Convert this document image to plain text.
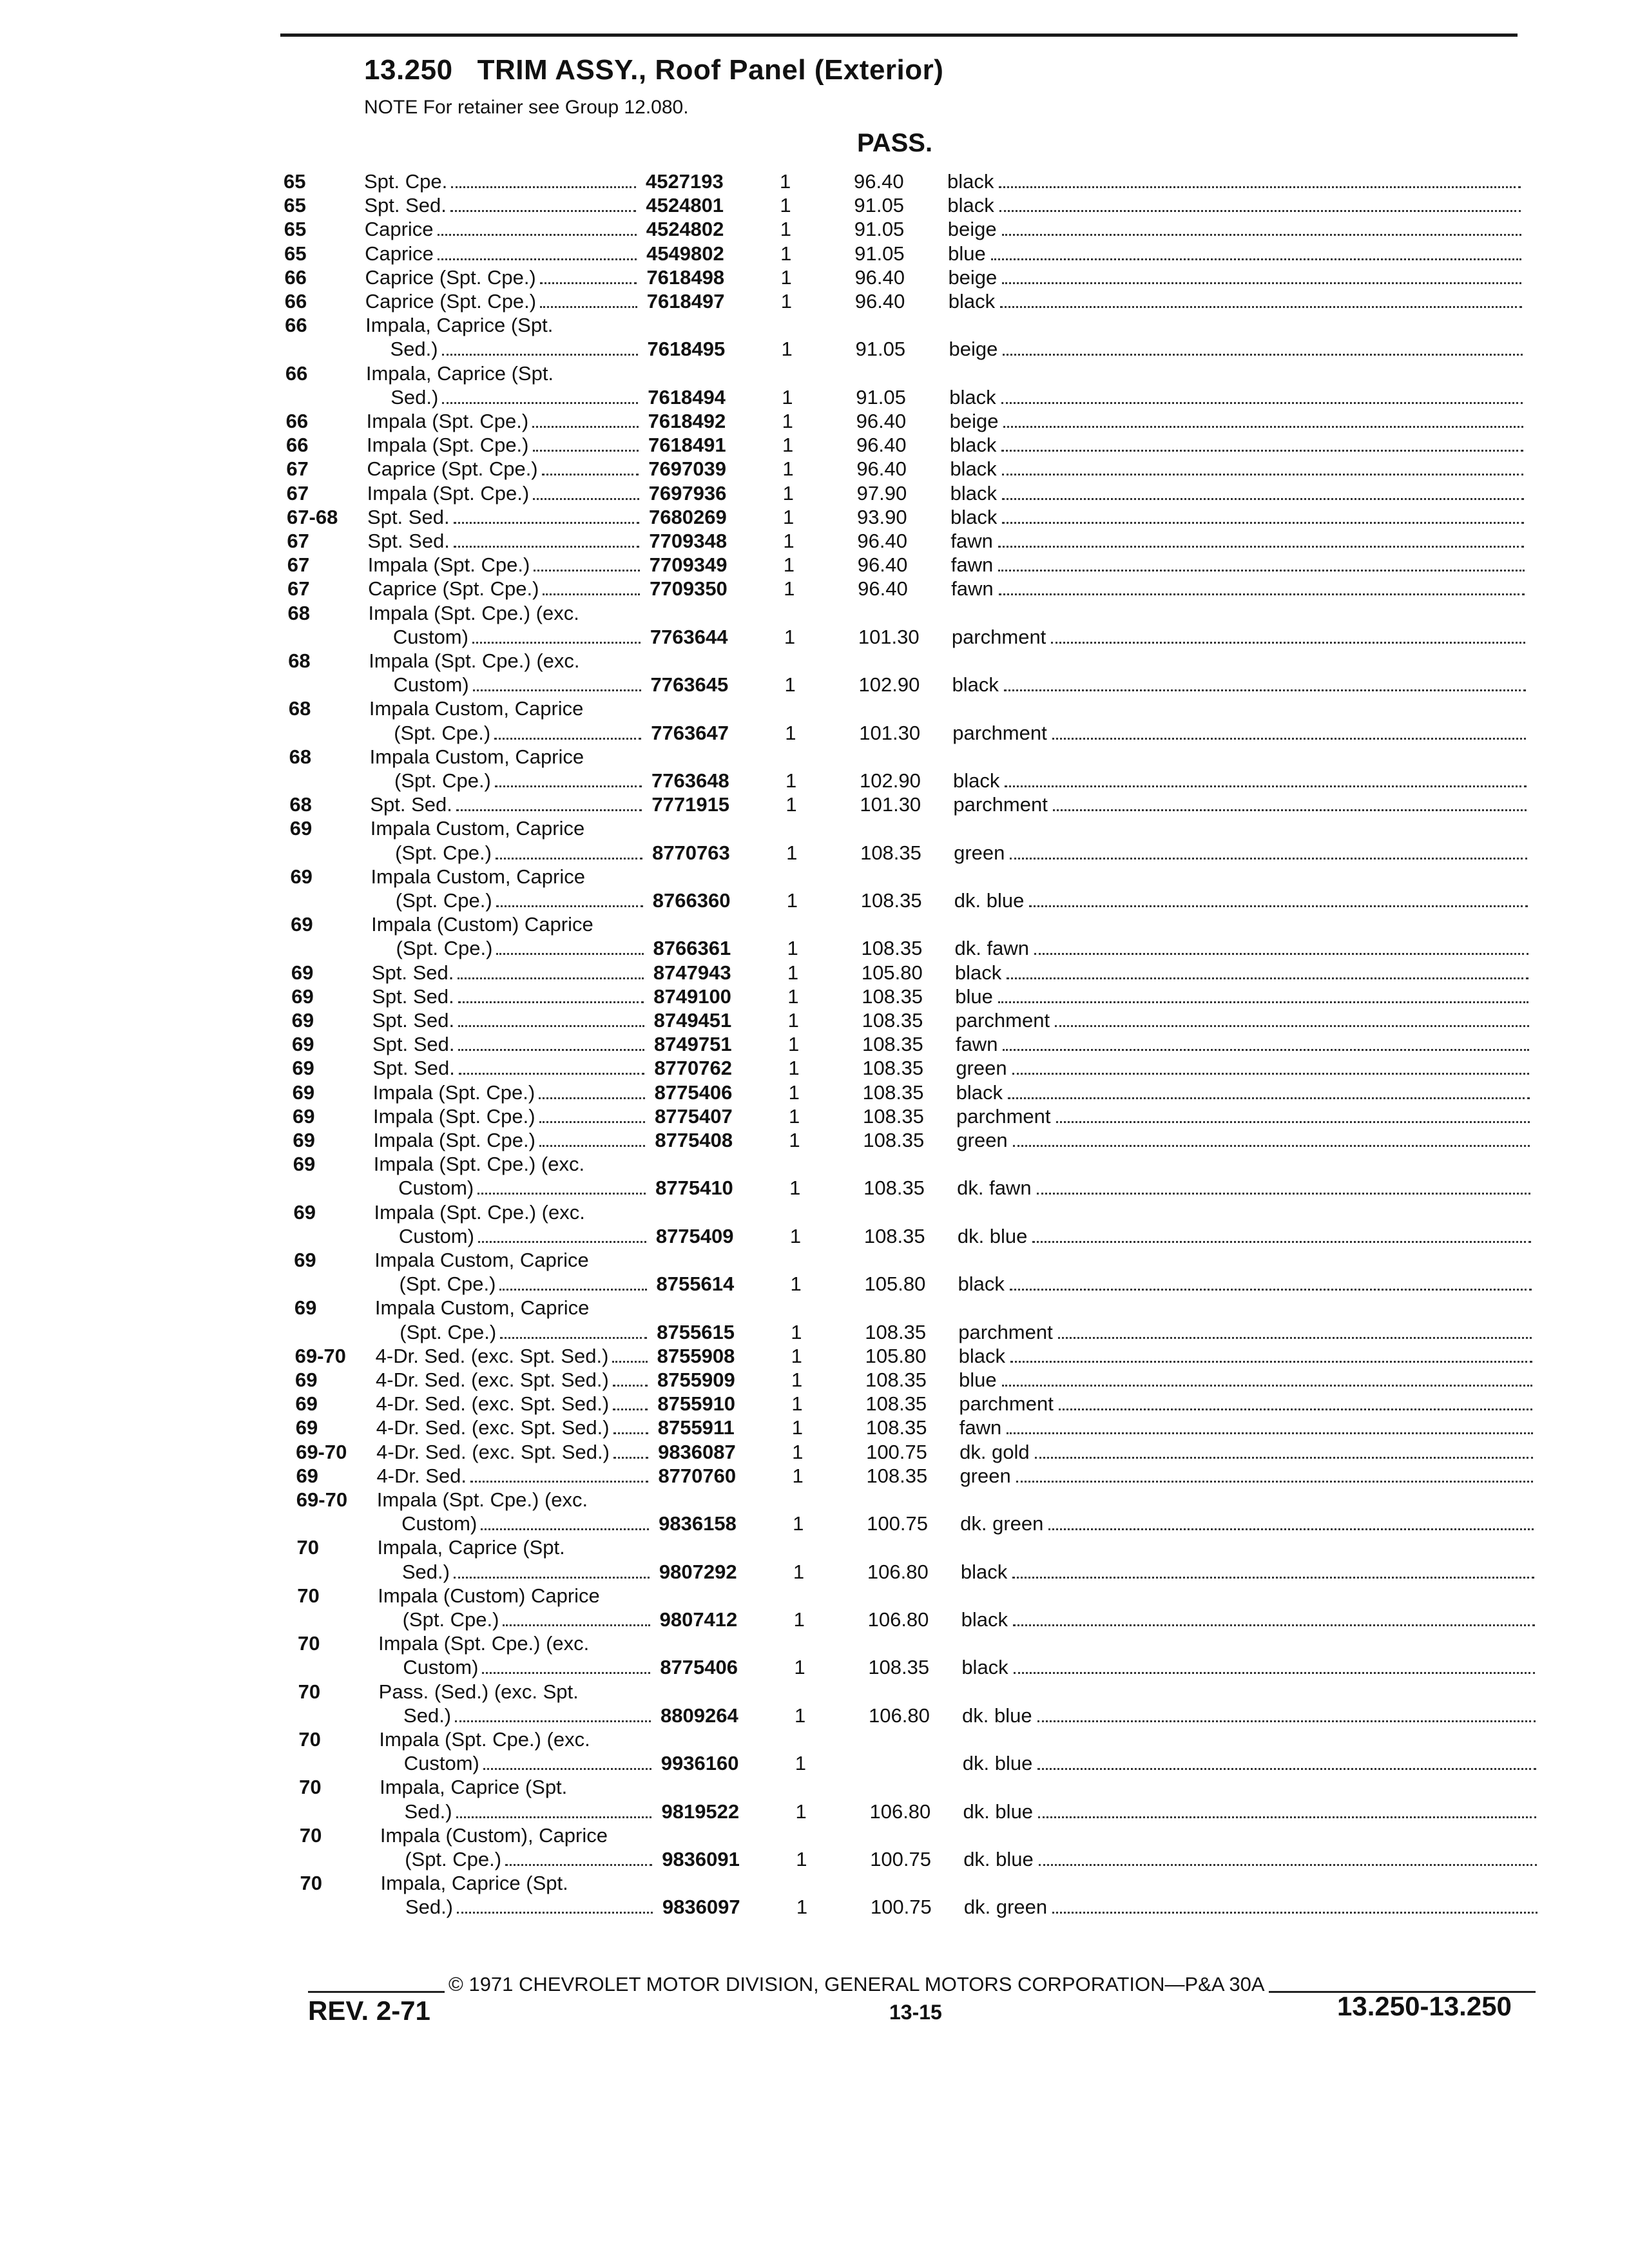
13.250 TRIM ASSY., Roof Panel (Exterior)
NOTE For retainer see Group 12.080.
PASS.
65	Spt. Cpe.	4527193	1	96.40 black
65	Spt. Sed.	4524801	1	91.05 black
65	Caprice	4524802	1	91.05 beige
65	Caprice	4549802	1	91.05 blue
66	Caprice (Spt. Cpe.)	7618498	1	96.40 beige
66	Caprice (Spt. Cpe.)	7618497	1	96.40 black
66	Impala, Caprice (Spt.
Sed.)	7618495	1	91.05 beige
66	Impala, Caprice (Spt.
Sed.)	7618494	1	91.05 black
66	Impala (Spt. Cpe.)	7618492	1	96.40 beige
66	Impala (Spt. Cpe.)	7618491	1	96.40 black
67	Caprice (Spt. Cpe.)	7697039	1	96.40 black
67	Impala (Spt. Cpe.)	7697936	1	97.90 black
67-68 Spt. Sed.	7680269	1	93.90 black
67	Spt. Sed.	7709348	1	96.40 fawn
67	Impala (Spt. Cpe.)	7709349	1	96.40 fawn
67	Caprice (Spt. Cpe.)	7709350	1	96.40 fawn
68	Impala (Spt. Cpe.) (exc.
Custom)	7763644	1	101.30 parchment
68	Impala (Spt. Cpe.) (exc.
Custom)	7763645	1	102.90 black
68	Impala Custom, Caprice
(Spt. Cpe.)	7763647	1	101.30 parchment
68	Impala Custom, Caprice
(Spt. Cpe.)	7763648	1	102.90 black
68	Spt. Sed.	7771915	1	101.30 parchment
69	Impala Custom, Caprice
(Spt. Cpe.)	8770763	1	108.35 green
69	Impala Custom, Caprice
(Spt. Cpe.)	8766360	1	108.35 dk. blue
69	Impala (Custom) Caprice
(Spt. Cpe.)	8766361	1	108.35 dk. fawn
69	Spt. Sed.	8747943	1	105.80 black
69	Spt. Sed.	8749100	1	108.35 blue
69	Spt. Sed.	8749451	1	108.35 parchment
69	Spt. Sed.	8749751	1	108.35 fawn
69	Spt. Sed.	8770762	1	108.35 green
69	Impala (Spt. Cpe.)	8775406	1	108.35 black
69	Impala (Spt. Cpe.)	8775407	1	108.35 parchment
69	Impala (Spt. Cpe.)	8775408	1	108.35 green
69	Impala (Spt. Cpe.) (exc.
Custom)	8775410	1	108.35 dk. fawn
69	Impala (Spt. Cpe.) (exc.
Custom)	8775409	1	108.35 dk. blue
69	Impala Custom, Caprice
(Spt. Cpe.)	8755614	1	105.80 black
69	Impala Custom, Caprice
(Spt. Cpe.)	8755615	1	108.35 parchment
69-70 4-Dr. Sed. (exc. Spt. Sed.) 8755908	1	105.80 black
69	4-Dr. Sed. (exc. Spt. Sed.) 8755909	1	108.35 blue
69	4-Dr. Sed. (exc. Spt. Sed.) 8755910	1	108.35 parchment
69	4-Dr. Sed. (exc. Spt. Sed.) 8755911	1	108.35 fawn
69-70 4-Dr. Sed. (exc. Spt. Sed.) 9836087	1	100.75 dk. gold
69	4-Dr. Sed.	8770760	1	108.35 green
69-70 Impala (Spt. Cpe.) (exc.
Custom)	9836158	1	100.75 dk. green
70	Impala, Caprice (Spt.
Sed.)	9807292	1	106.80 black
70	Impala (Custom) Caprice
(Spt. Cpe.)	9807412	1	106.80 black
70	Impala (Spt. Cpe.) (exc.
Custom)	8775406	1	108.35 black
70	Pass. (Sed.) (exc. Spt.
Sed.)	8809264	1	106.80 dk. blue
70	Impala (Spt. Cpe.) (exc.
Custom)	9936160	1	dk. blue
70	Impala, Caprice (Spt.
Sed.)	9819522	1	106.80 dk. blue
70	Impala (Custom), Caprice
(Spt. Cpe.)	9836091	1	100.75 dk. blue
70	Impala, Caprice (Spt.
Sed.)	9836097	1	100.75 dk. green
© 1971 CHEVROLET MOTOR DIVISION, GENERAL MOTORS CORPORATION—P&A 30A
REV. 2-71	13-15	13.250-13.250
